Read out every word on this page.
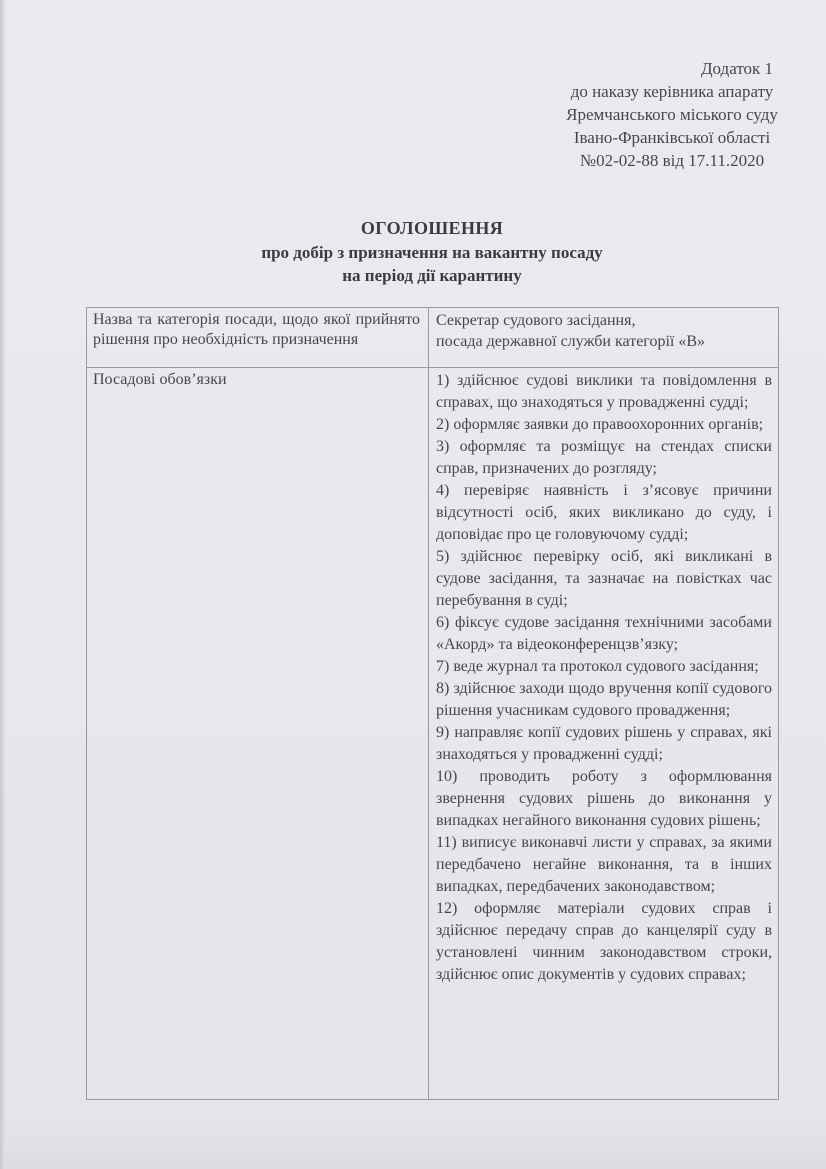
Додаток 1
до наказу керівника апарату
Яремчанського міського суду
Івано-Франківської області
№02-02-88 від 17.11.2020
ОГОЛОШЕННЯ
про добір з призначення на вакантну посаду
на період дії карантину
Назва та категорія посади, щодо якої прийнято рішення про необхідність призначення	Секретар судового засідання,
посада державної служби категорії «В»

Посадові обов’язки	1) здійснює судові виклики та повідомлення в справах, що знаходяться у провадженні судді;
2) оформляє заявки до правоохоронних органів;
3) оформляє та розміщує на стендах списки справ, призначених до розгляду;
4) перевіряє наявність і з’ясовує причини відсутності осіб, яких викликано до суду, і доповідає про це головуючому судді;
5) здійснює перевірку осіб, які викликані в судове засідання, та зазначає на повістках час перебування в суді;
6) фіксує судове засідання технічними засобами «Акорд» та відеоконференцзв’язку;
7) веде журнал та протокол судового засідання;
8) здійснює заходи щодо вручення копії судового рішення учасникам судового провадження;
9) направляє копії судових рішень у справах, які знаходяться у провадженні судді;
10) проводить роботу з оформлювання звернення судових рішень до виконання у випадках негайного виконання судових рішень;
11) виписує виконавчі листи у справах, за якими передбачено негайне виконання, та в інших випадках, передбачених законодавством;
12) оформляє матеріали судових справ і здійснює передачу справ до канцелярії суду в установлені чинним законодавством строки, здійснює опис документів у судових справах;
